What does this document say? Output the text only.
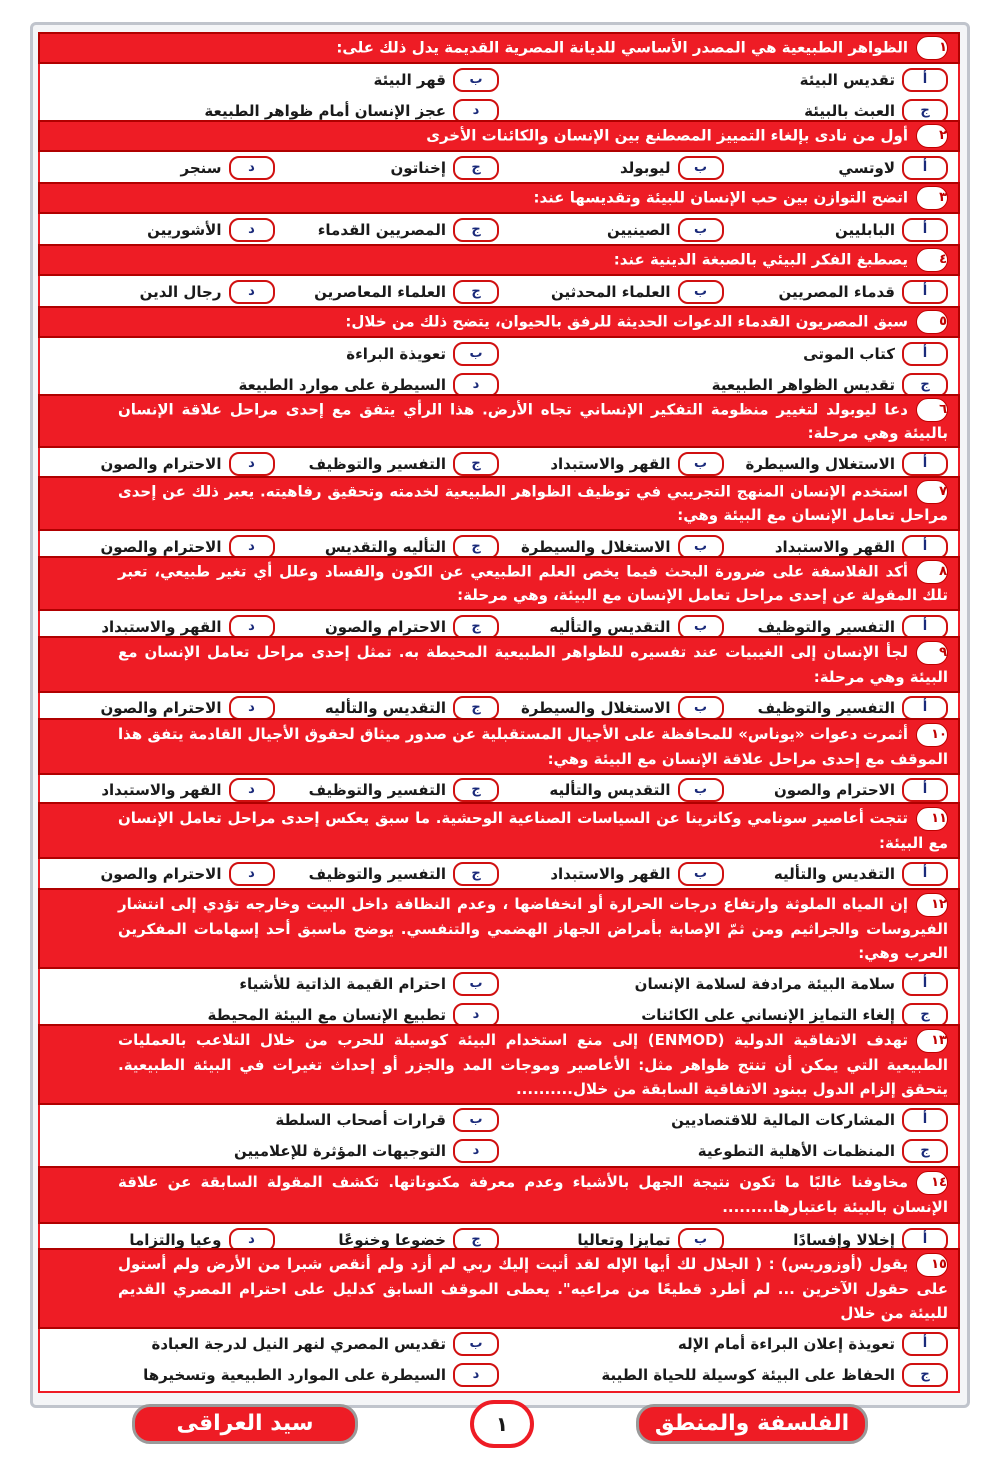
١الظواهر الطبيعية هي المصدر الأساسي للديانة المصرية القديمة يدل ذلك على:
أ
تقديس البيئة
ب
قهر البيئة
ج
العبث بالبيئة
د
عجز الإنسان أمام ظواهر الطبيعة
٢أول من نادى بإلغاء التمييز المصطنع بين الإنسان والكائنات الأخرى
أ
لاوتسي
ب
ليوبولد
ج
إخناتون
د
سنجر
٣اتضح التوازن بين حب الإنسان للبيئة وتقديسها عند:
أ
البابليين
ب
الصينيين
ج
المصريين القدماء
د
الأشوريين
٤يصطبغ الفكر البيئي بالصبغة الدينية عند:
أ
قدماء المصريين
ب
العلماء المحدثين
ج
العلماء المعاصرين
د
رجال الدين
٥سبق المصريون القدماء الدعوات الحديثة للرفق بالحيوان، يتضح ذلك من خلال:
أ
كتاب الموتى
ب
تعويذة البراءة
ج
تقديس الظواهر الطبيعية
د
السيطرة على موارد الطبيعة
٦دعا ليوبولد لتغيير منظومة التفكير الإنساني تجاه الأرض. هذا الرأي يتفق مع إحدى مراحل علاقة الإنسان بالبيئة وهي مرحلة:
أ
الاستغلال والسيطرة
ب
القهر والاستبداد
ج
التفسير والتوظيف
د
الاحترام والصون
٧استخدم الإنسان المنهج التجريبي في توظيف الظواهر الطبيعية لخدمته وتحقيق رفاهيته. يعبر ذلك عن إحدى مراحل تعامل الإنسان مع البيئة وهي:
أ
القهر والاستبداد
ب
الاستغلال والسيطرة
ج
التأليه والتقديس
د
الاحترام والصون
٨أكد الفلاسفة على ضرورة البحث فيما يخص العلم الطبيعي عن الكون والفساد وعلل أي تغير طبيعي، تعبر تلك المقولة عن إحدى مراحل تعامل الإنسان مع البيئة، وهي مرحلة:
أ
التفسير والتوظيف
ب
التقديس والتأليه
ج
الاحترام والصون
د
القهر والاستبداد
٩لجأ الإنسان إلى الغيبيات عند تفسيره للظواهر الطبيعية المحيطة به. تمثل إحدى مراحل تعامل الإنسان مع البيئة وهي مرحلة:
أ
التفسير والتوظيف
ب
الاستغلال والسيطرة
ج
التقديس والتأليه
د
الاحترام والصون
١٠أثمرت دعوات «يوناس» للمحافظة على الأجيال المستقبلية عن صدور ميثاق لحقوق الأجيال القادمة يتفق هذا الموقف مع إحدى مراحل علاقة الإنسان مع البيئة وهي:
أ
الاحترام والصون
ب
التقديس والتأليه
ج
التفسير والتوظيف
د
القهر والاستبداد
١١تتجت أعاصير سونامي وكاترينا عن السياسات الصناعية الوحشية. ما سبق يعكس إحدى مراحل تعامل الإنسان مع البيئة:
أ
التقديس والتأليه
ب
القهر والاستبداد
ج
التفسير والتوظيف
د
الاحترام والصون
١٢إن المياه الملوثة وارتفاع درجات الحرارة أو انخفاضها ، وعدم النظافة داخل البيت وخارجه تؤدي إلى انتشار الفيروسات والجراثيم ومن ثمّ الإصابة بأمراض الجهاز الهضمي والتنفسي. يوضح ماسبق أحد إسهامات المفكرين العرب وهي:
أ
سلامة البيئة مرادفة لسلامة الإنسان
ب
احترام القيمة الذاتية للأشياء
ج
إلغاء التمايز الإنساني على الكائنات
د
تطبيع الإنسان مع البيئة المحيطة
١٣تهدف الاتفاقية الدولية (ENMOD) إلى منع استخدام البيئة كوسيلة للحرب من خلال التلاعب بالعمليات الطبيعية التي يمكن أن تنتج ظواهر مثل: الأعاصير وموجات المد والجزر أو إحداث تغيرات في البيئة الطبيعية. يتحقق إلزام الدول ببنود الاتفاقية السابقة من خلال..........
أ
المشاركات المالية للاقتصاديين
ب
قرارات أصحاب السلطة
ج
المنظمات الأهلية التطوعية
د
التوجيهات المؤثرة للإعلاميين
١٤مخاوفنا غالبًا ما تكون نتيجة الجهل بالأشياء وعدم معرفة مكنوناتها. تكشف المقولة السابقة عن علاقة الإنسان بالبيئة باعتبارها.........
أ
إخلالا وإفسادًا
ب
تمايزا وتعاليا
ج
خضوعا وخنوعًا
د
وعيا والتزاما
١٥يقول (أوزوريس) : ( الجلال لك أيها الإله لقد أتيت إليك ربي لم أزد ولم أنقص شبرا من الأرض ولم أستول على حقول الآخرين ... لم أطرد قطيعًا من مراعيه". يعطى الموقف السابق كدليل على احترام المصري القديم للبيئة من خلال
أ
تعويذة إعلان البراءة أمام الإله
ب
تقديس المصري لنهر النيل لدرجة العبادة
ج
الحفاظ على البيئة كوسيلة للحياة الطيبة
د
السيطرة على الموارد الطبيعية وتسخيرها
سيد العراقى	١	الفلسفة والمنطق
